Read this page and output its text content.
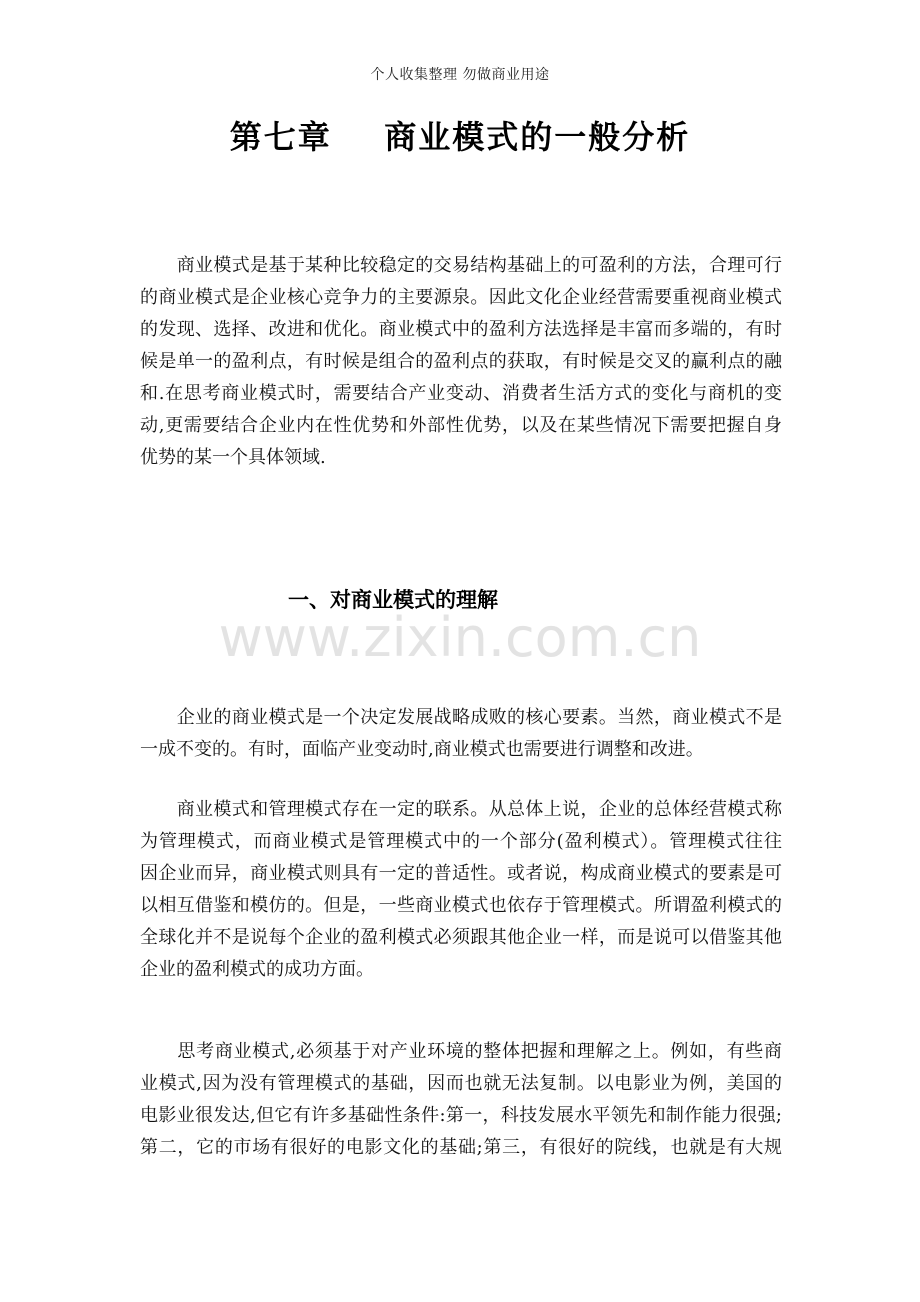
个人收集整理 勿做商业用途
第七章    商业模式的一般分析
　　商业模式是基于某种比较稳定的交易结构基础上的可盈利的方法，合理可行
的商业模式是企业核心竞争力的主要源泉。因此文化企业经营需要重视商业模式
的发现、选择、改进和优化。商业模式中的盈利方法选择是丰富而多端的，有时
候是单一的盈利点，有时候是组合的盈利点的获取，有时候是交叉的赢利点的融
和.在思考商业模式时，需要结合产业变动、消费者生活方式的变化与商机的变
动,更需要结合企业内在性优势和外部性优势，以及在某些情况下需要把握自身
优势的某一个具体领域.
一、对商业模式的理解
www.zixin.com.cn
　　企业的商业模式是一个决定发展战略成败的核心要素。当然，商业模式不是
一成不变的。有时，面临产业变动时,商业模式也需要进行调整和改进。
　　商业模式和管理模式存在一定的联系。从总体上说，企业的总体经营模式称
为管理模式，而商业模式是管理模式中的一个部分(盈利模式）。管理模式往往
因企业而异，商业模式则具有一定的普适性。或者说，构成商业模式的要素是可
以相互借鉴和模仿的。但是，一些商业模式也依存于管理模式。所谓盈利模式的
全球化并不是说每个企业的盈利模式必须跟其他企业一样，而是说可以借鉴其他
企业的盈利模式的成功方面。
　　思考商业模式,必须基于对产业环境的整体把握和理解之上。例如，有些商
业模式,因为没有管理模式的基础，因而也就无法复制。以电影业为例，美国的
电影业很发达,但它有许多基础性条件:第一，科技发展水平领先和制作能力很强;
第二，它的市场有很好的电影文化的基础;第三，有很好的院线，也就是有大规
